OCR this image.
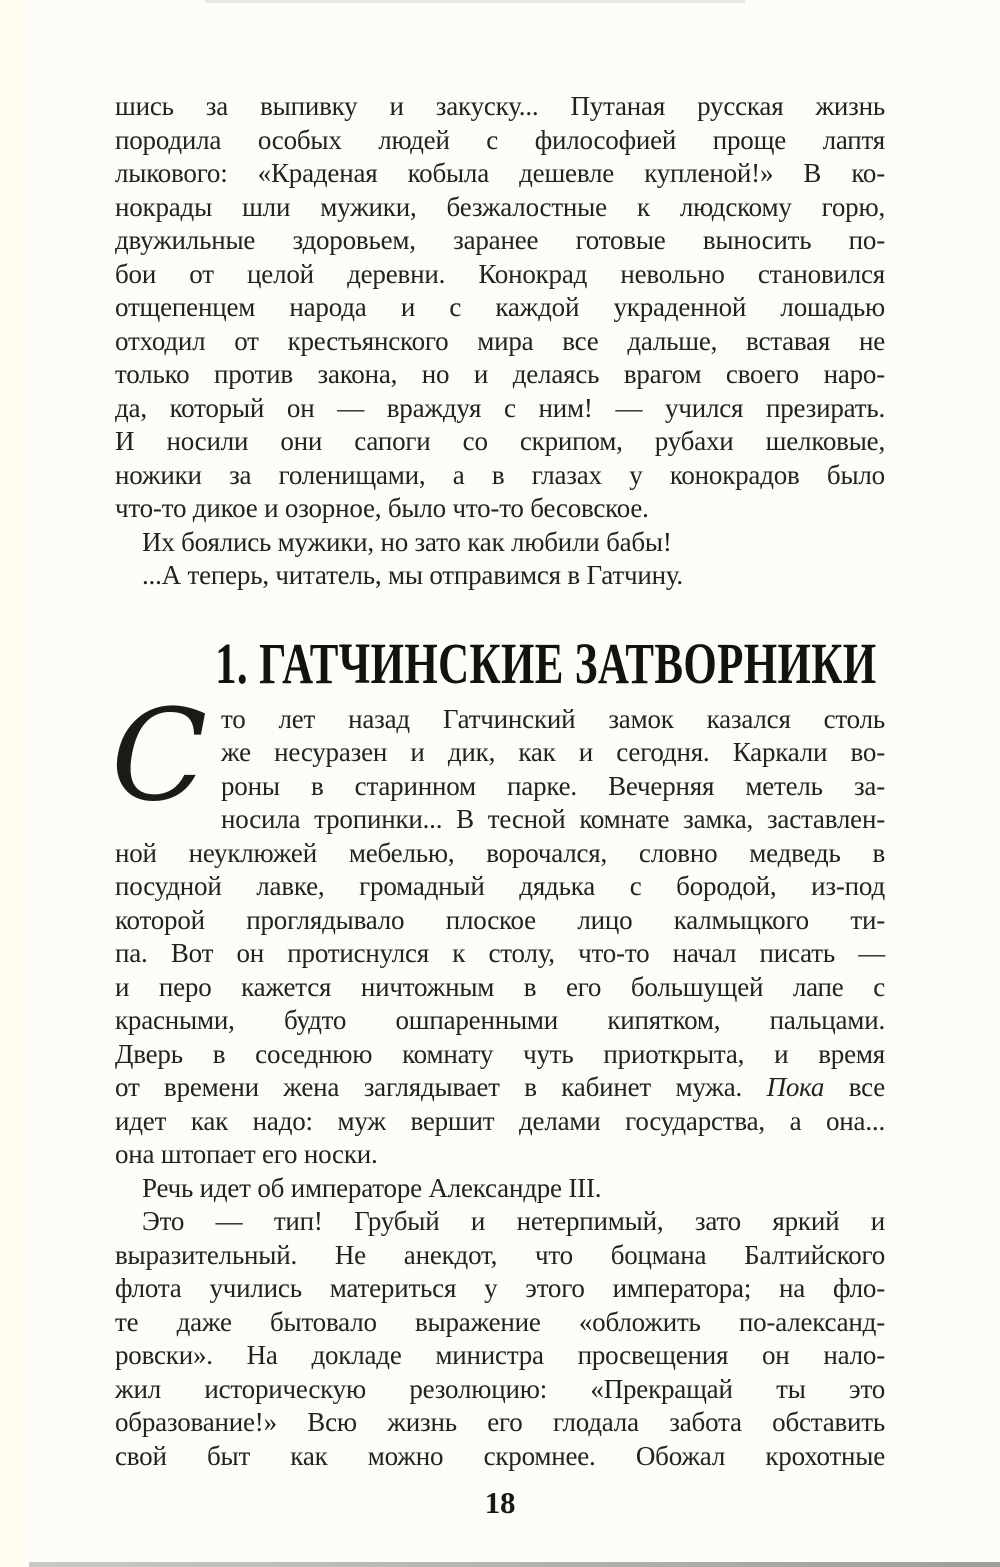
шись за выпивку и закуску... Путаная русская жизнь
породила особых людей с философией проще лаптя
лыкового: «Краденая кобыла дешевле купленой!» В ко-
нокрады шли мужики, безжалостные к людскому горю,
двужильные здоровьем, заранее готовые выносить по-
бои от целой деревни. Конокрад невольно становился
отщепенцем народа и с каждой украденной лошадью
отходил от крестьянского мира все дальше, вставая не
только против закона, но и делаясь врагом своего наро-
да, который он — враждуя с ним! — учился презирать.
И носили они сапоги со скрипом, рубахи шелковые,
ножики за голенищами, а в глазах у конокрадов было
что-то дикое и озорное, было что-то бесовское.

Их боялись мужики, но зато как любили бабы!

...А теперь, читатель, мы отправимся в Гатчину.

1. ГАТЧИНСКИЕ ЗАТВОРНИКИ

С то лет назад Гатчинский замок казался столь
же несуразен и дик, как и сегодня. Каркали во-
роны в старинном парке. Вечерняя метель за-
носила тропинки... В тесной комнате замка, заставлен-
ной неуклюжей мебелью, ворочался, словно медведь в
посудной лавке, громадный дядька с бородой, из-под
которой проглядывало плоское лицо калмыцкого ти-
па. Вот он протиснулся к столу, что-то начал писать —
и перо кажется ничтожным в его большущей лапе с
красными, будто ошпаренными кипятком, пальцами.
Дверь в соседнюю комнату чуть приоткрыта, и время
от времени жена заглядывает в кабинет мужа. Пока все
идет как надо: муж вершит делами государства, а она...
она штопает его носки.

Речь идет об императоре Александре III.

Это — тип! Грубый и нетерпимый, зато яркий и
выразительный. Не анекдот, что боцмана Балтийского
флота учились материться у этого императора; на фло-
те даже бытовало выражение «обложить по-александ-
ровски». На докладе министра просвещения он нало-
жил историческую резолюцию: «Прекращай ты это
образование!» Всю жизнь его глодала забота обставить
свой быт как можно скромнее. Обожал крохотные

18
